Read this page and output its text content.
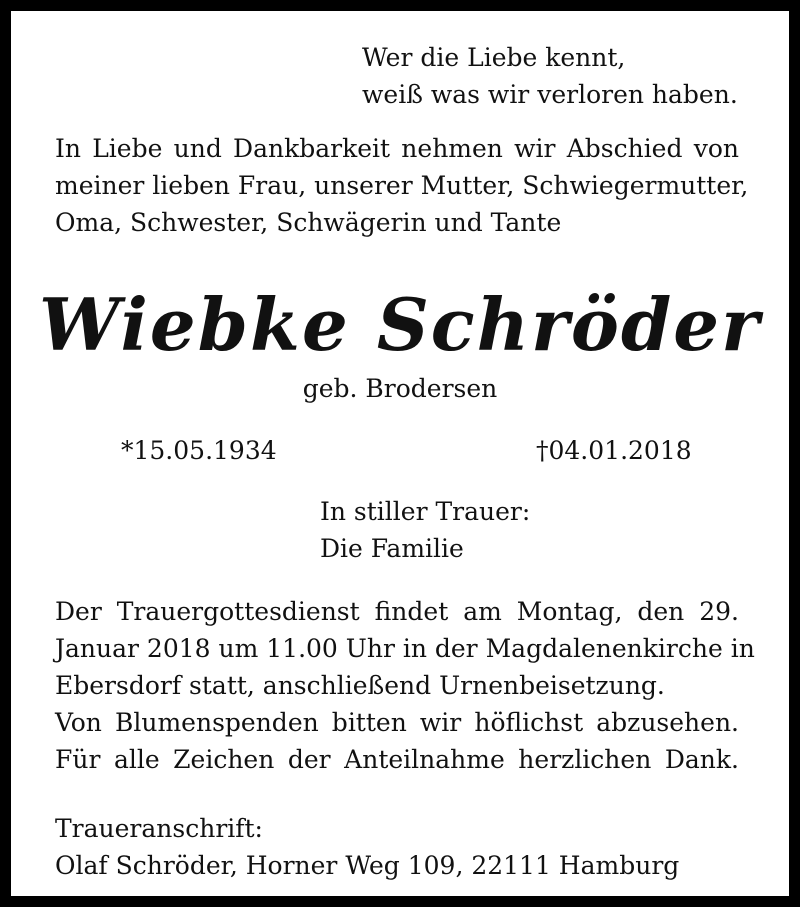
Wer die Liebe kennt,
weiß was wir verloren haben.
In Liebe und Dankbarkeit nehmen wir Abschied von
meiner lieben Frau, unserer Mutter, Schwiegermutter,
Oma, Schwester, Schwägerin und Tante
Wiebke Schröder
geb. Brodersen
*15.05.1934	†04.01.2018
In stiller Trauer:
Die Familie
Der Trauergottesdienst findet am Montag, den 29.
Januar 2018 um 11.00 Uhr in der Magdalenenkirche in
Ebersdorf statt, anschließend Urnenbeisetzung.
Von Blumenspenden bitten wir höflichst abzusehen.
Für alle Zeichen der Anteilnahme herzlichen Dank.
Traueranschrift:
Olaf Schröder, Horner Weg 109, 22111 Hamburg
